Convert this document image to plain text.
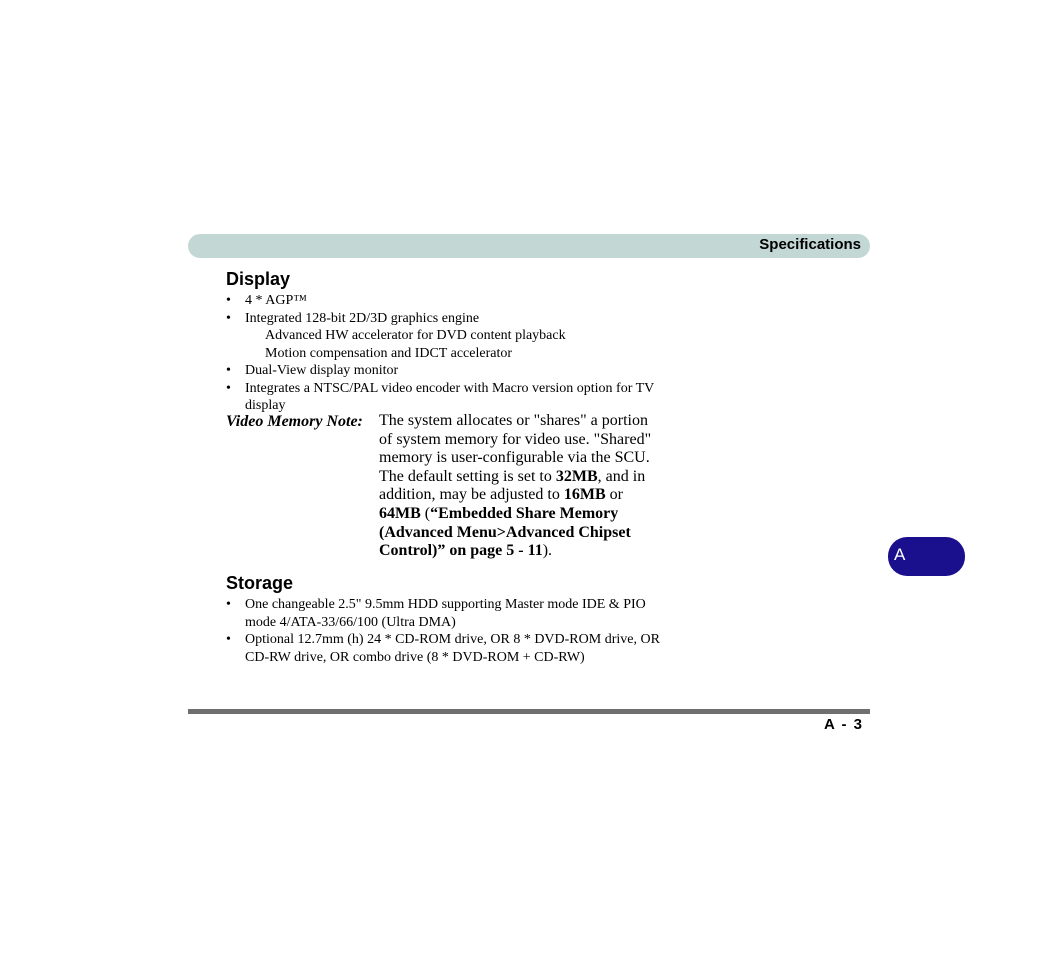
Specifications
Display
• 4 * AGP™
• Integrated 128-bit 2D/3D graphics engine
Advanced HW accelerator for DVD content playback
Motion compensation and IDCT accelerator
• Dual-View display monitor
• Integrates a NTSC/PAL video encoder with Macro version option for TV display
Video Memory Note: The system allocates or "shares" a portion of system memory for video use. "Shared" memory is user-configurable via the SCU. The default setting is set to 32MB, and in addition, may be adjusted to 16MB or 64MB (“Embedded Share Memory (Advanced Menu>Advanced Chipset Control)” on page 5 - 11).
Storage
• One changeable 2.5" 9.5mm HDD supporting Master mode IDE & PIO mode 4/ATA-33/66/100 (Ultra DMA)
• Optional 12.7mm (h) 24 * CD-ROM drive, OR 8 * DVD-ROM drive, OR CD-RW drive, OR combo drive (8 * DVD-ROM + CD-RW)
A
A - 3
